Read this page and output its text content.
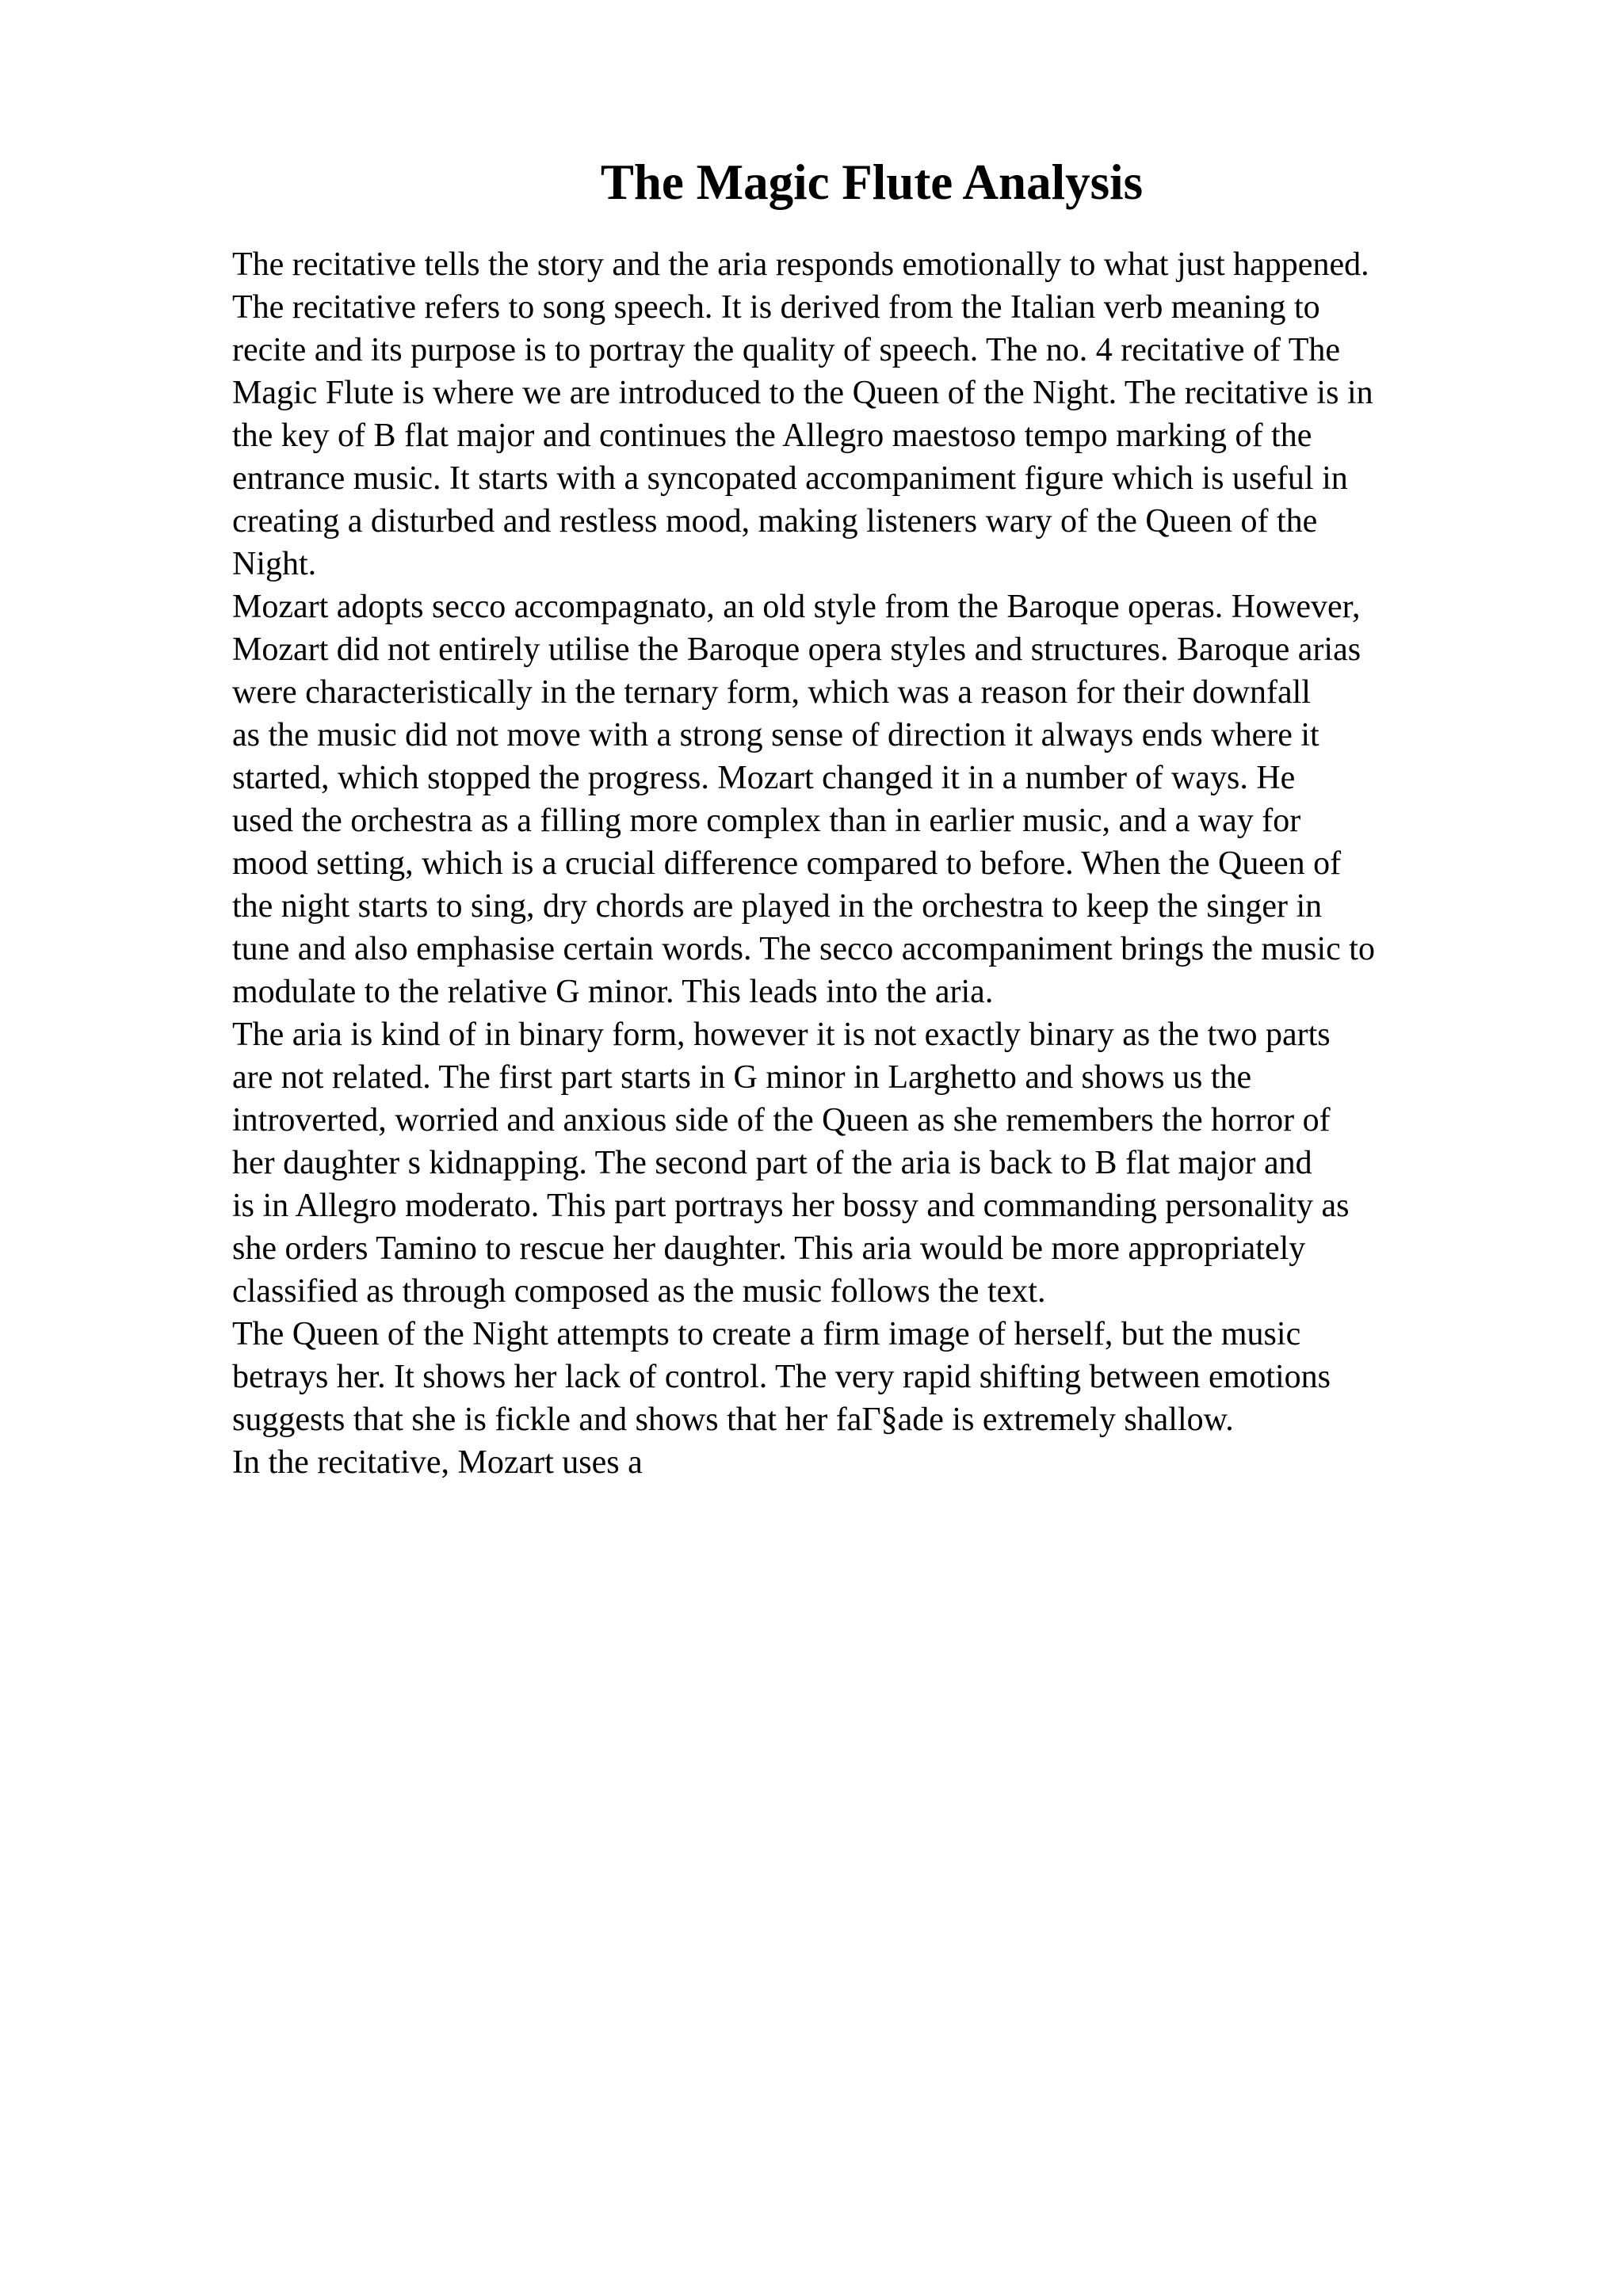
The Magic Flute Analysis
The recitative tells the story and the aria responds emotionally to what just happened.
The recitative refers to song speech. It is derived from the Italian verb meaning to
recite and its purpose is to portray the quality of speech. The no. 4 recitative of The
Magic Flute is where we are introduced to the Queen of the Night. The recitative is in
the key of B flat major and continues the Allegro maestoso tempo marking of the
entrance music. It starts with a syncopated accompaniment figure which is useful in
creating a disturbed and restless mood, making listeners wary of the Queen of the
Night.
Mozart adopts secco accompagnato, an old style from the Baroque operas. However,
Mozart did not entirely utilise the Baroque opera styles and structures. Baroque arias
were characteristically in the ternary form, which was a reason for their downfall
as the music did not move with a strong sense of direction it always ends where it
started, which stopped the progress. Mozart changed it in a number of ways. He
used the orchestra as a filling more complex than in earlier music, and a way for
mood setting, which is a crucial difference compared to before. When the Queen of
the night starts to sing, dry chords are played in the orchestra to keep the singer in
tune and also emphasise certain words. The secco accompaniment brings the music to
modulate to the relative G minor. This leads into the aria.
The aria is kind of in binary form, however it is not exactly binary as the two parts
are not related. The first part starts in G minor in Larghetto and shows us the
introverted, worried and anxious side of the Queen as she remembers the horror of
her daughter s kidnapping. The second part of the aria is back to B flat major and
is in Allegro moderato. This part portrays her bossy and commanding personality as
she orders Tamino to rescue her daughter. This aria would be more appropriately
classified as through composed as the music follows the text.
The Queen of the Night attempts to create a firm image of herself, but the music
betrays her. It shows her lack of control. The very rapid shifting between emotions
suggests that she is fickle and shows that her faГ§ade is extremely shallow.
In the recitative, Mozart uses a
